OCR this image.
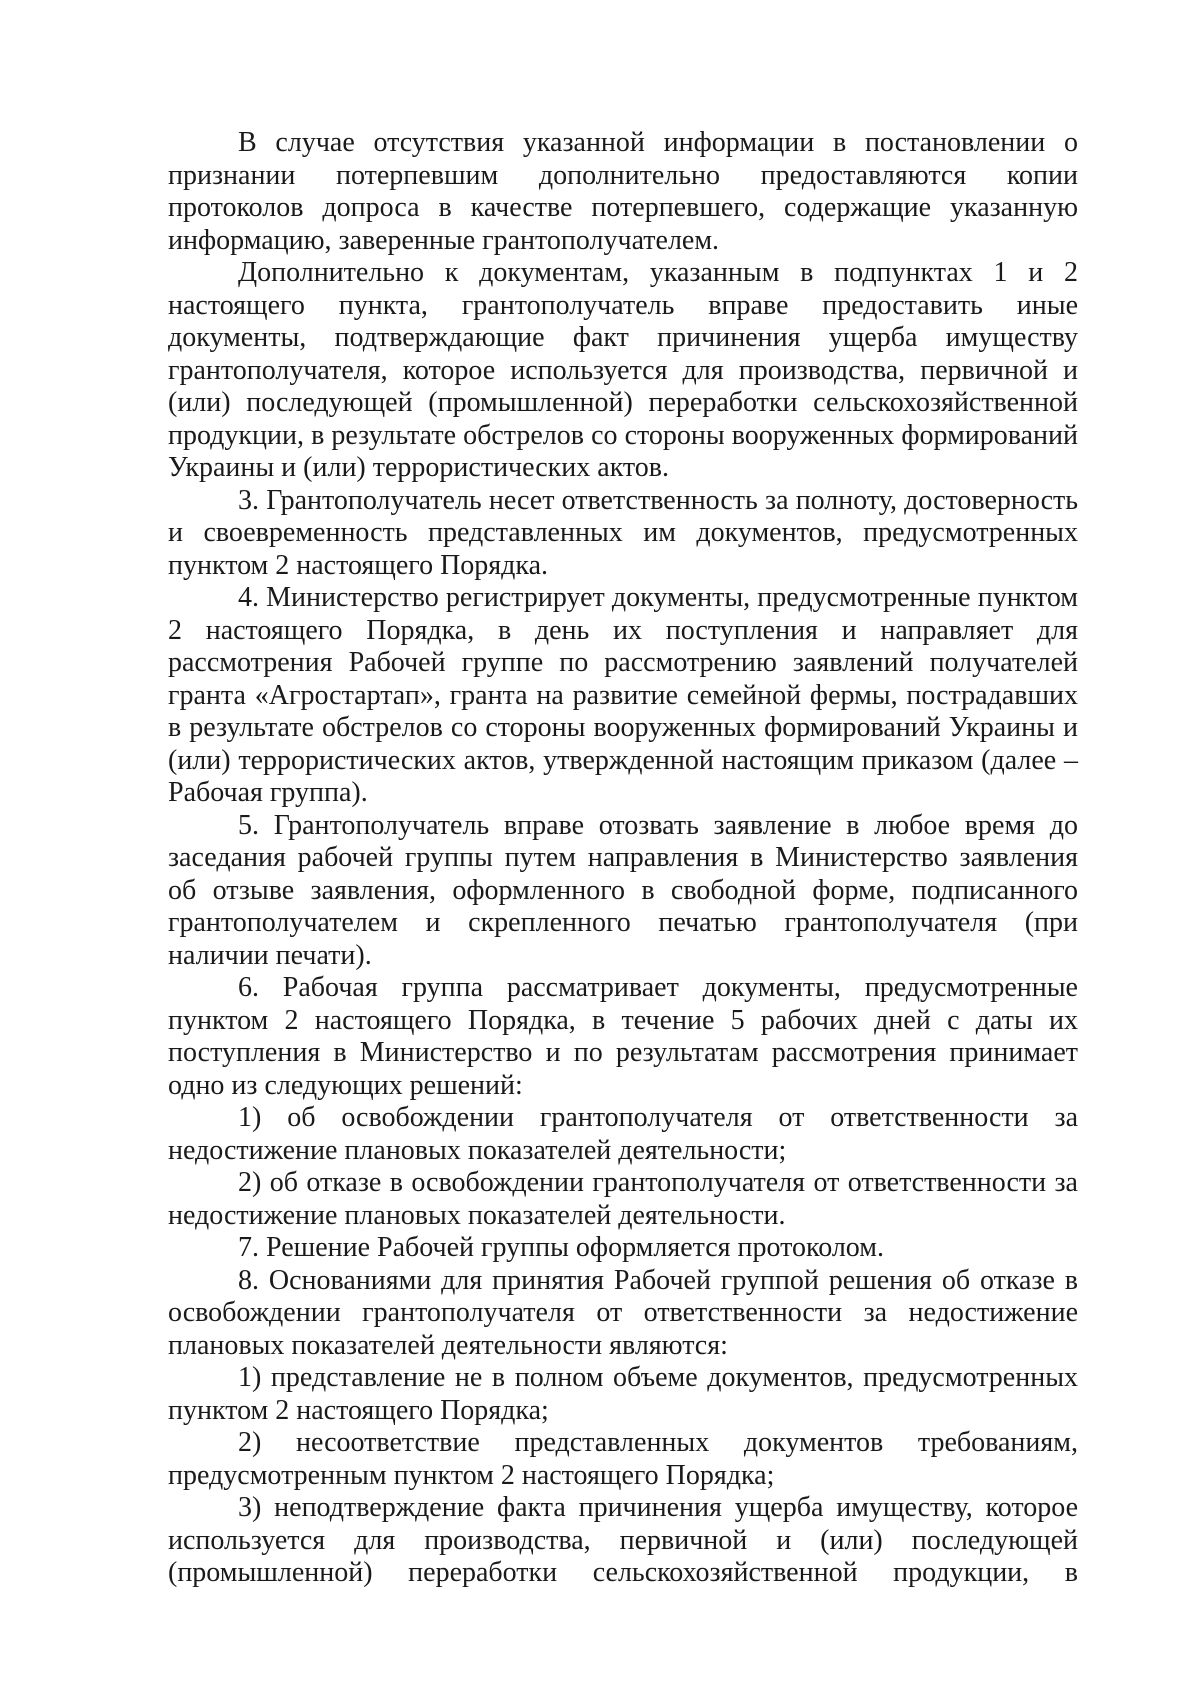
В случае отсутствия указанной информации в постановлении о признании потерпевшим дополнительно предоставляются копии протоколов допроса в качестве потерпевшего, содержащие указанную информацию, заверенные грантополучателем.

Дополнительно к документам, указанным в подпунктах 1 и 2 настоящего пункта, грантополучатель вправе предоставить иные документы, подтверждающие факт причинения ущерба имуществу грантополучателя, которое используется для производства, первичной и (или) последующей (промышленной) переработки сельскохозяйственной продукции, в результате обстрелов со стороны вооруженных формирований Украины и (или) террористических актов.

3. Грантополучатель несет ответственность за полноту, достоверность и своевременность представленных им документов, предусмотренных пунктом 2 настоящего Порядка.

4. Министерство регистрирует документы, предусмотренные пунктом 2 настоящего Порядка, в день их поступления и направляет для рассмотрения Рабочей группе по рассмотрению заявлений получателей гранта «Агростартап», гранта на развитие семейной фермы, пострадавших в результате обстрелов со стороны вооруженных формирований Украины и (или) террористических актов, утвержденной настоящим приказом (далее – Рабочая группа).

5. Грантополучатель вправе отозвать заявление в любое время до заседания рабочей группы путем направления в Министерство заявления об отзыве заявления, оформленного в свободной форме, подписанного грантополучателем и скрепленного печатью грантополучателя (при наличии печати).

6. Рабочая группа рассматривает документы, предусмотренные пунктом 2 настоящего Порядка, в течение 5 рабочих дней с даты их поступления в Министерство и по результатам рассмотрения принимает одно из следующих решений:

1) об освобождении грантополучателя от ответственности за недостижение плановых показателей деятельности;

2) об отказе в освобождении грантополучателя от ответственности за недостижение плановых показателей деятельности.

7. Решение Рабочей группы оформляется протоколом.

8. Основаниями для принятия Рабочей группой решения об отказе в освобождении грантополучателя от ответственности за недостижение плановых показателей деятельности являются:

1) представление не в полном объеме документов, предусмотренных пунктом 2 настоящего Порядка;

2) несоответствие представленных документов требованиям, предусмотренным пунктом 2 настоящего Порядка;

3) неподтверждение факта причинения ущерба имуществу, которое используется для производства, первичной и (или) последующей (промышленной) переработки сельскохозяйственной продукции, в
